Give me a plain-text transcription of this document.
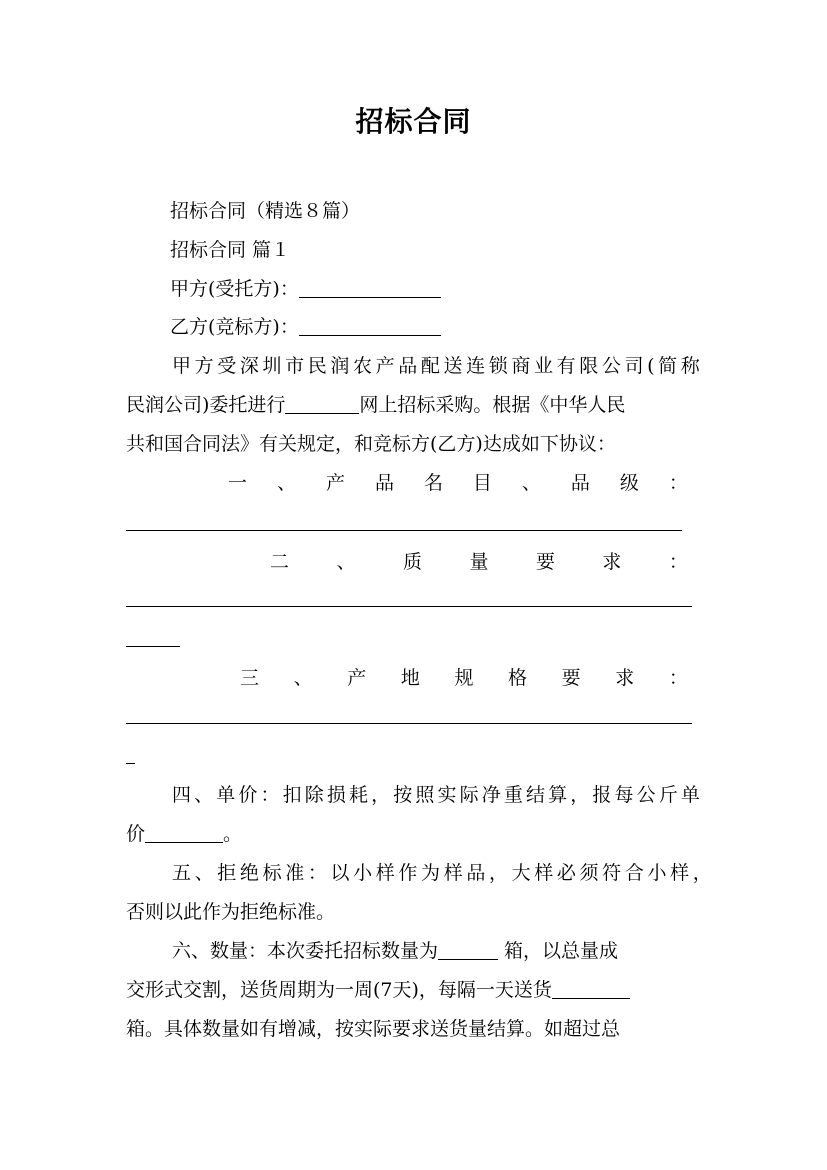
招标合同
招标合同（精选８篇）
招标合同 篇１
甲方(受托方)：
乙方(竞标方)：
甲 方 受 深 圳 市 民 润 农 产 品 配 送 连 锁 商 业 有 限 公 司 ( 简 称
民润公司)委托进行	网上招标采购。根据《中华人民
共和国合同法》有关规定，和竞标方(乙方)达成如下协议：
一 、 产 品 名 目 、 品 级 ：
二 、 质 量 要 求 ：
三 、 产 地 规 格 要 求 ：
四 、 单 价 ： 扣 除 损 耗 ， 按 照 实 际 净 重 结 算 ， 报 每 公 斤 单
价	。
五 、 拒 绝 标 准 ： 以 小 样 作 为 样 品 ， 大 样 必 须 符 合 小 样 ，
否则以此作为拒绝标准。
六、数量：本次委托招标数量为	箱，以总量成
交形式交割，送货周期为一周(7天)，每隔一天送货
箱。具体数量如有增减，按实际要求送货量结算。如超过总
